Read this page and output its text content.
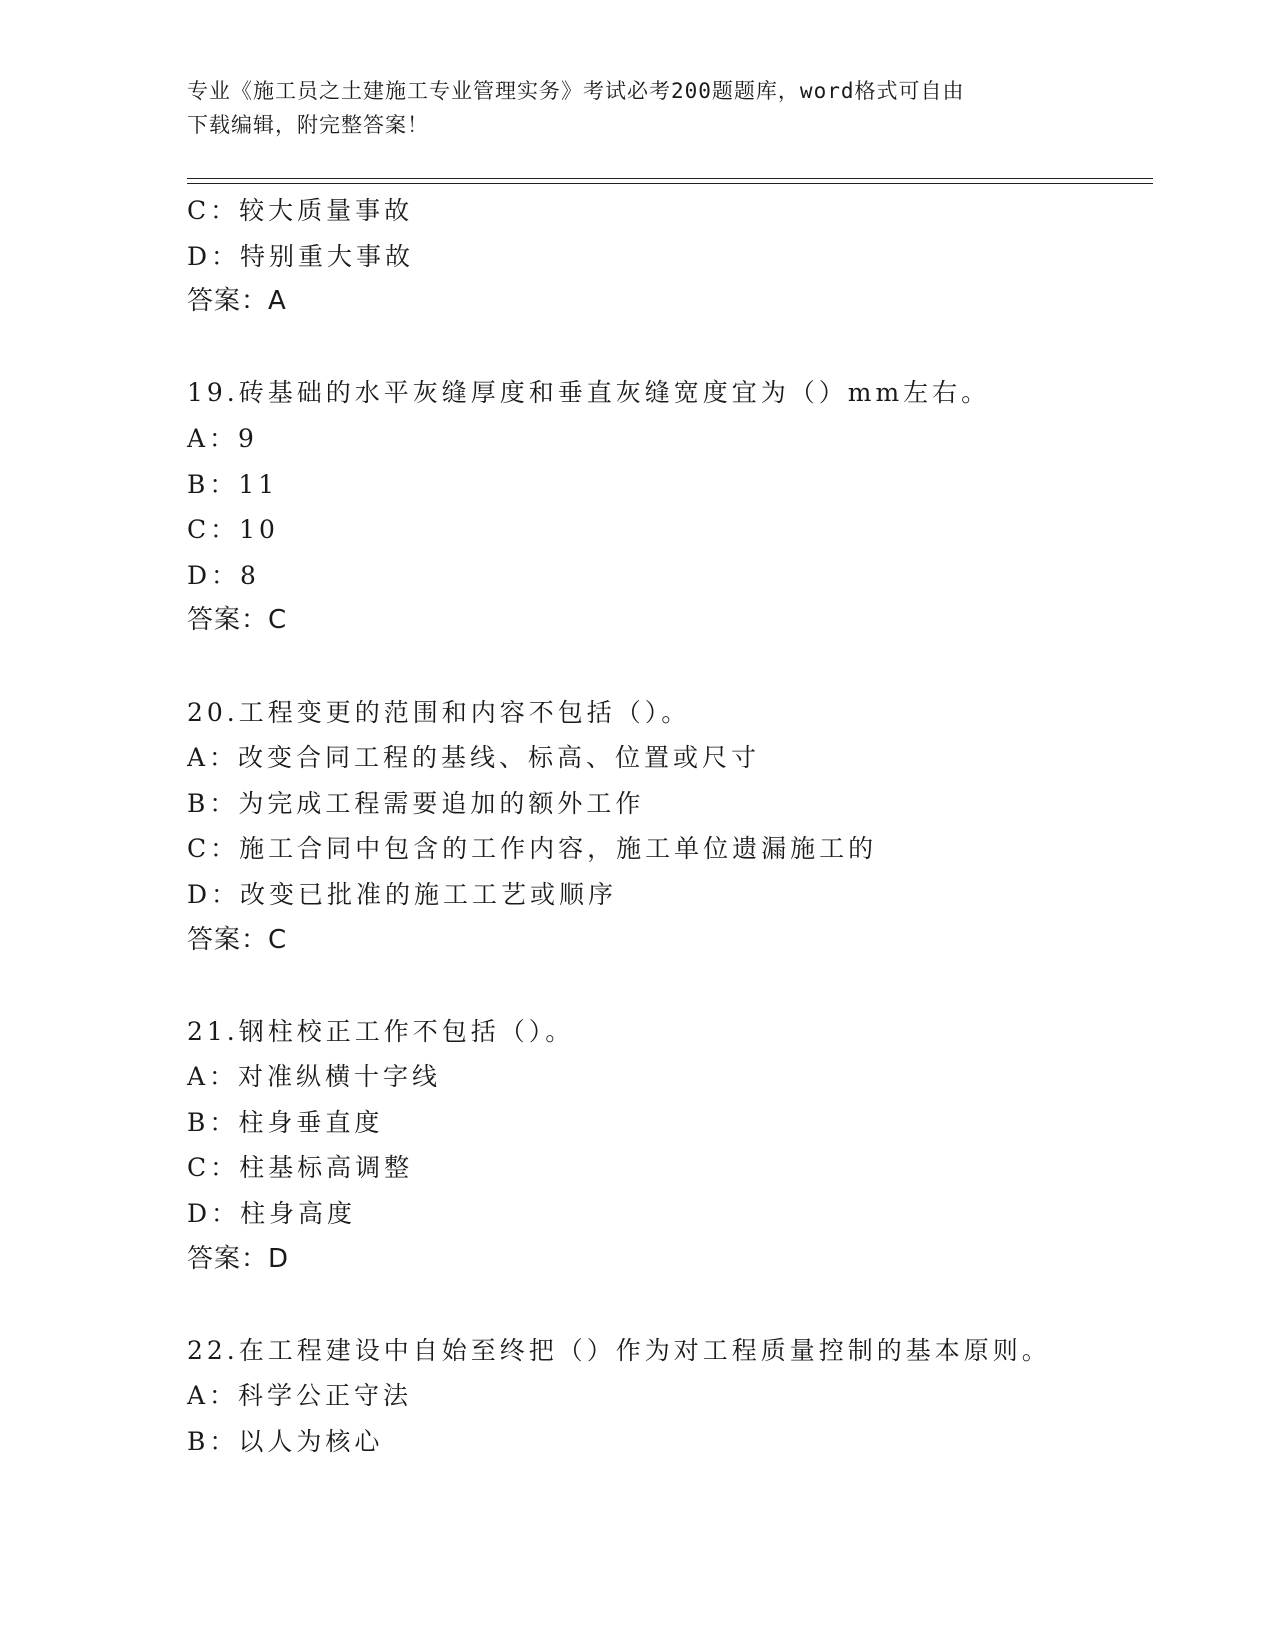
专业《施工员之土建施工专业管理实务》考试必考200题题库，word格式可自由
下载编辑，附完整答案！
C：较大质量事故
D：特别重大事故
答案：A
19.砖基础的水平灰缝厚度和垂直灰缝宽度宜为（）mm左右。
A：9
B：11
C：10
D：8
答案：C
20.工程变更的范围和内容不包括（）。
A：改变合同工程的基线、标高、位置或尺寸
B：为完成工程需要追加的额外工作
C：施工合同中包含的工作内容，施工单位遗漏施工的
D：改变已批准的施工工艺或顺序
答案：C
21.钢柱校正工作不包括（）。
A：对准纵横十字线
B：柱身垂直度
C：柱基标高调整
D：柱身高度
答案：D
22.在工程建设中自始至终把（）作为对工程质量控制的基本原则。
A：科学公正守法
B：以人为核心
